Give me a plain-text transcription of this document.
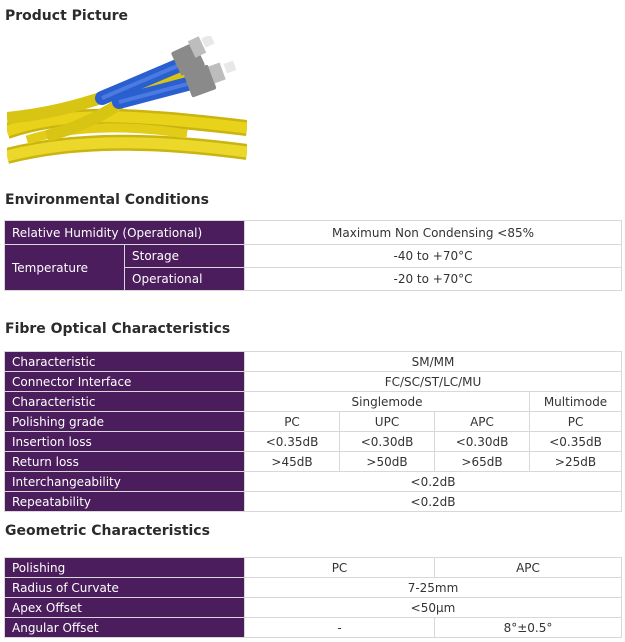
Product Picture
Environmental Conditions
Relative Humidity (Operational)		Maximum Non Condensing <85%
Temperature	Storage	-40 to +70°C
	Operational	-20 to +70°C
Fibre Optical Characteristics
Characteristic	SM/MM			
Connector Interface	FC/SC/ST/LC/MU			
Characteristic	Singlemode			Multimode
Polishing grade	PC	UPC	APC	PC
Insertion loss	<0.35dB	<0.30dB	<0.30dB	<0.35dB
Return loss	>45dB	>50dB	>65dB	>25dB
Interchangeability	<0.2dB			
Repeatability	<0.2dB			
Geometric Characteristics
Polishing	PC	APC
Radius of Curvate	7-25mm	
Apex Offset	<50μm	
Angular Offset	-	8°±0.5°
